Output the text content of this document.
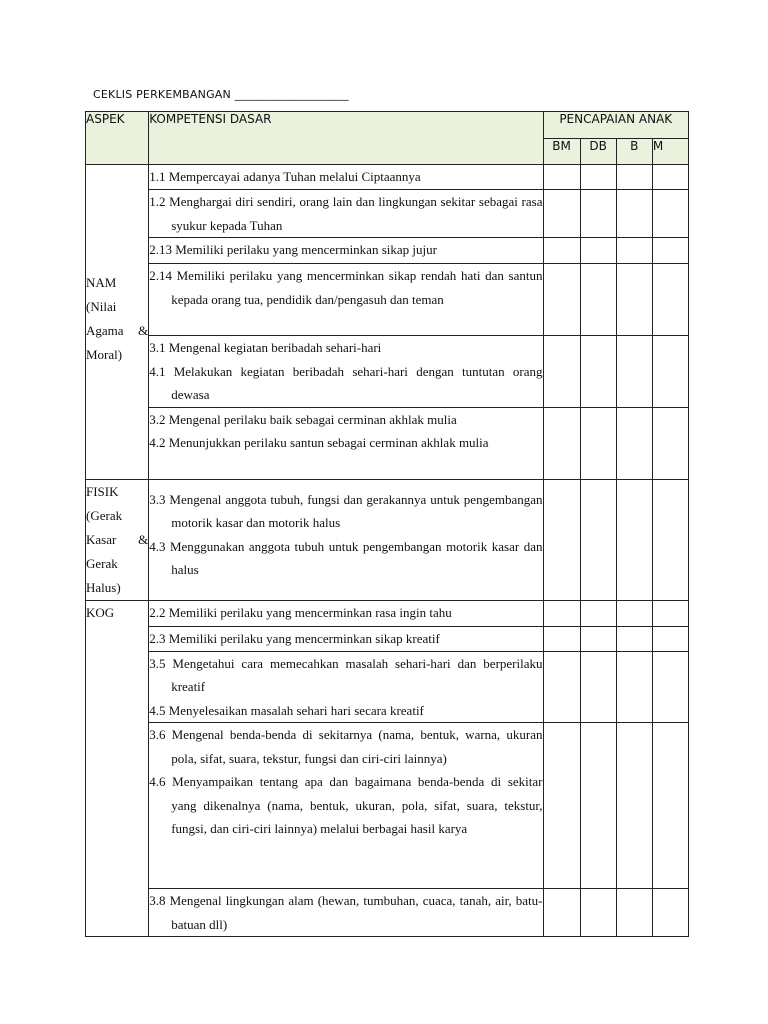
CEKLIS PERKEMBANGAN ____________________
ASPEK	KOMPETENSI DASAR	PENCAPAIAN ANAK			
		BM	DB	B	M

NAM (Nilai Agama & Moral)	1.1 Mempercayai adanya Tuhan melalui Ciptaannya				

	1.2 Menghargai diri sendiri, orang lain dan lingkungan sekitar sebagai rasa syukur kepada Tuhan				

	2.13 Memiliki perilaku yang mencerminkan sikap jujur				

	2.14 Memiliki perilaku yang mencerminkan sikap rendah hati dan santun kepada orang tua, pendidik dan/pengasuh dan teman				

	3.1 Mengenal kegiatan beribadah sehari-hari
4.1 Melakukan kegiatan beribadah sehari-hari dengan tuntutan orang dewasa				

	3.2 Mengenal perilaku baik sebagai cerminan akhlak mulia
4.2 Menunjukkan perilaku santun sebagai cerminan akhlak mulia				

FISIK (Gerak Kasar & Gerak Halus)	3.3 Mengenal anggota tubuh, fungsi dan gerakannya untuk pengembangan motorik kasar dan motorik halus
4.3 Menggunakan anggota tubuh untuk pengembangan motorik kasar dan halus				

KOG	2.2 Memiliki perilaku yang mencerminkan rasa ingin tahu				

	2.3 Memiliki perilaku yang mencerminkan sikap kreatif				

	3.5 Mengetahui cara memecahkan masalah sehari-hari dan berperilaku kreatif
4.5 Menyelesaikan masalah sehari hari secara kreatif				

	3.6 Mengenal benda-benda di sekitarnya (nama, bentuk, warna, ukuran pola, sifat, suara, tekstur, fungsi dan ciri-ciri lainnya)
4.6 Menyampaikan tentang apa dan bagaimana benda-benda di sekitar yang dikenalnya (nama, bentuk, ukuran, pola, sifat, suara, tekstur, fungsi, dan ciri-ciri lainnya) melalui berbagai hasil karya				

	3.8 Mengenal lingkungan alam (hewan, tumbuhan, cuaca, tanah, air, batu-batuan dll)				
